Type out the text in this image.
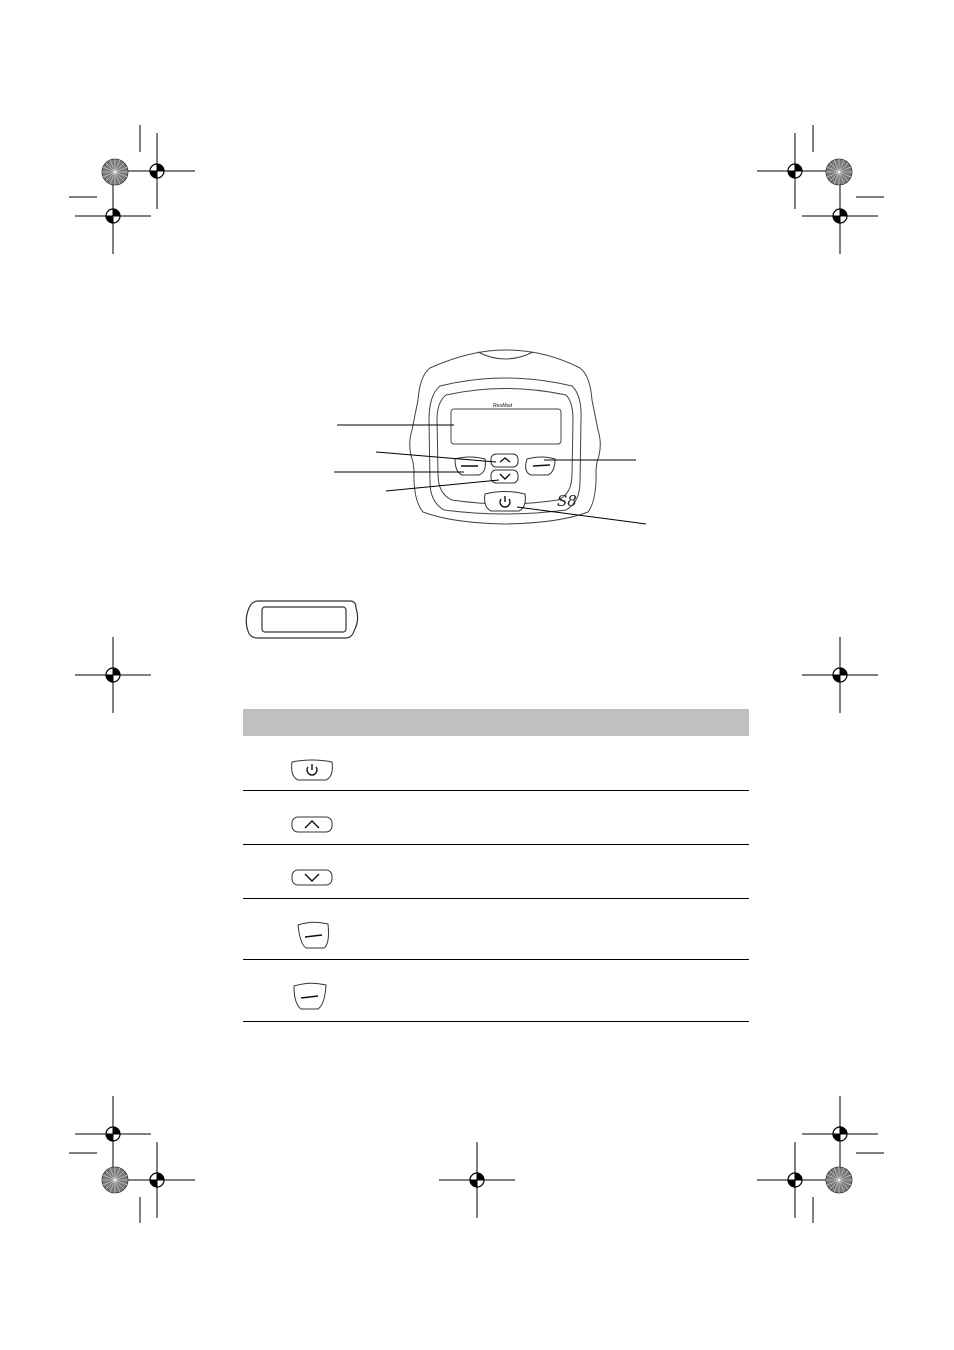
ResMed
S8
